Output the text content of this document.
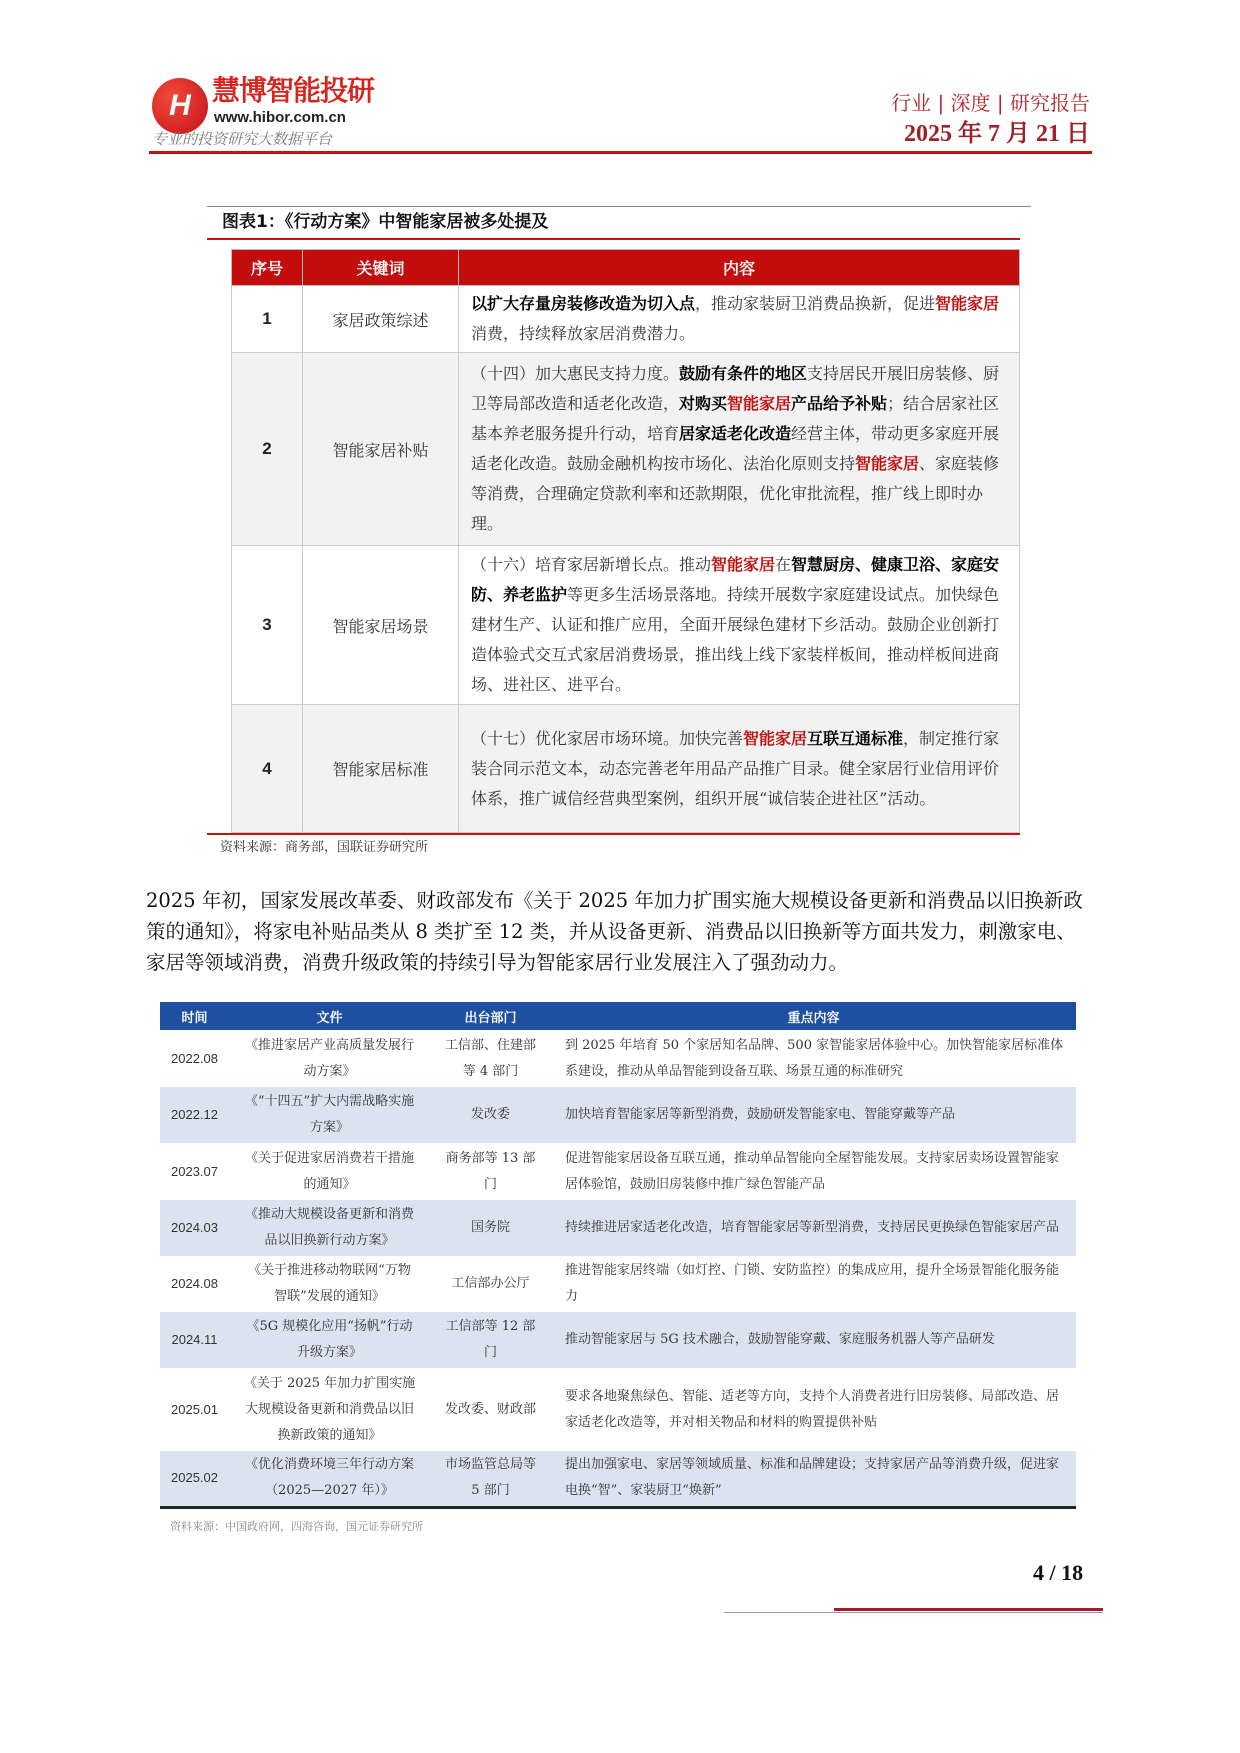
H 慧博智能投研
www.hibor.com.cn
专业的投资研究大数据平台
行业 | 深度 | 研究报告
2025 年 7 月 21 日
图表1：《行动方案》中智能家居被多处提及
序号	关键词	内容
1	家居政策综述	以扩大存量房装修改造为切入点，推动家装厨卫消费品换新，促进智能家居消费，持续释放家居消费潜力。
2	智能家居补贴	（十四）加大惠民支持力度。鼓励有条件的地区支持居民开展旧房装修、厨卫等局部改造和适老化改造，对购买智能家居产品给予补贴；结合居家社区基本养老服务提升行动，培育居家适老化改造经营主体，带动更多家庭开展适老化改造。鼓励金融机构按市场化、法治化原则支持智能家居、家庭装修等消费，合理确定贷款利率和还款期限，优化审批流程，推广线上即时办理。
3	智能家居场景	（十六）培育家居新增长点。推动智能家居在智慧厨房、健康卫浴、家庭安防、养老监护等更多生活场景落地。持续开展数字家庭建设试点。加快绿色建材生产、认证和推广应用，全面开展绿色建材下乡活动。鼓励企业创新打造体验式交互式家居消费场景，推出线上线下家装样板间，推动样板间进商场、进社区、进平台。
4	智能家居标准	（十七）优化家居市场环境。加快完善智能家居互联互通标准，制定推行家装合同示范文本，动态完善老年用品产品推广目录。健全家居行业信用评价体系，推广诚信经营典型案例，组织开展“诚信装企进社区”活动。
资料来源：商务部，国联证券研究所

2025 年初，国家发展改革委、财政部发布《关于 2025 年加力扩围实施大规模设备更新和消费品以旧换新政策的通知》，将家电补贴品类从 8 类扩至 12 类，并从设备更新、消费品以旧换新等方面共发力，刺激家电、家居等领域消费，消费升级政策的持续引导为智能家居行业发展注入了强劲动力。

时间	文件	出台部门	重点内容
2022.08	《推进家居产业高质量发展行动方案》	工信部、住建部等 4 部门	到 2025 年培育 50 个家居知名品牌、500 家智能家居体验中心。加快智能家居标准体系建设，推动从单品智能到设备互联、场景互通的标准研究
2022.12	《“十四五”扩大内需战略实施方案》	发改委	加快培育智能家居等新型消费，鼓励研发智能家电、智能穿戴等产品
2023.07	《关于促进家居消费若干措施的通知》	商务部等 13 部门	促进智能家居设备互联互通，推动单品智能向全屋智能发展。支持家居卖场设置智能家居体验馆，鼓励旧房装修中推广绿色智能产品
2024.03	《推动大规模设备更新和消费品以旧换新行动方案》	国务院	持续推进居家适老化改造，培育智能家居等新型消费，支持居民更换绿色智能家居产品
2024.08	《关于推进移动物联网“万物智联”发展的通知》	工信部办公厅	推进智能家居终端（如灯控、门锁、安防监控）的集成应用，提升全场景智能化服务能力
2024.11	《5G 规模化应用“扬帆”行动升级方案》	工信部等 12 部门	推动智能家居与 5G 技术融合，鼓励智能穿戴、家庭服务机器人等产品研发
2025.01	《关于 2025 年加力扩围实施大规模设备更新和消费品以旧换新政策的通知》	发改委、财政部	要求各地聚焦绿色、智能、适老等方向，支持个人消费者进行旧房装修、局部改造、居家适老化改造等，并对相关物品和材料的购置提供补贴
2025.02	《优化消费环境三年行动方案（2025—2027 年）》	市场监管总局等 5 部门	提出加强家电、家居等领域质量、标准和品牌建设；支持家居产品等消费升级，促进家电换“智”、家装厨卫“焕新”
资料来源：中国政府网，四海咨询，国元证券研究所
4 / 18
